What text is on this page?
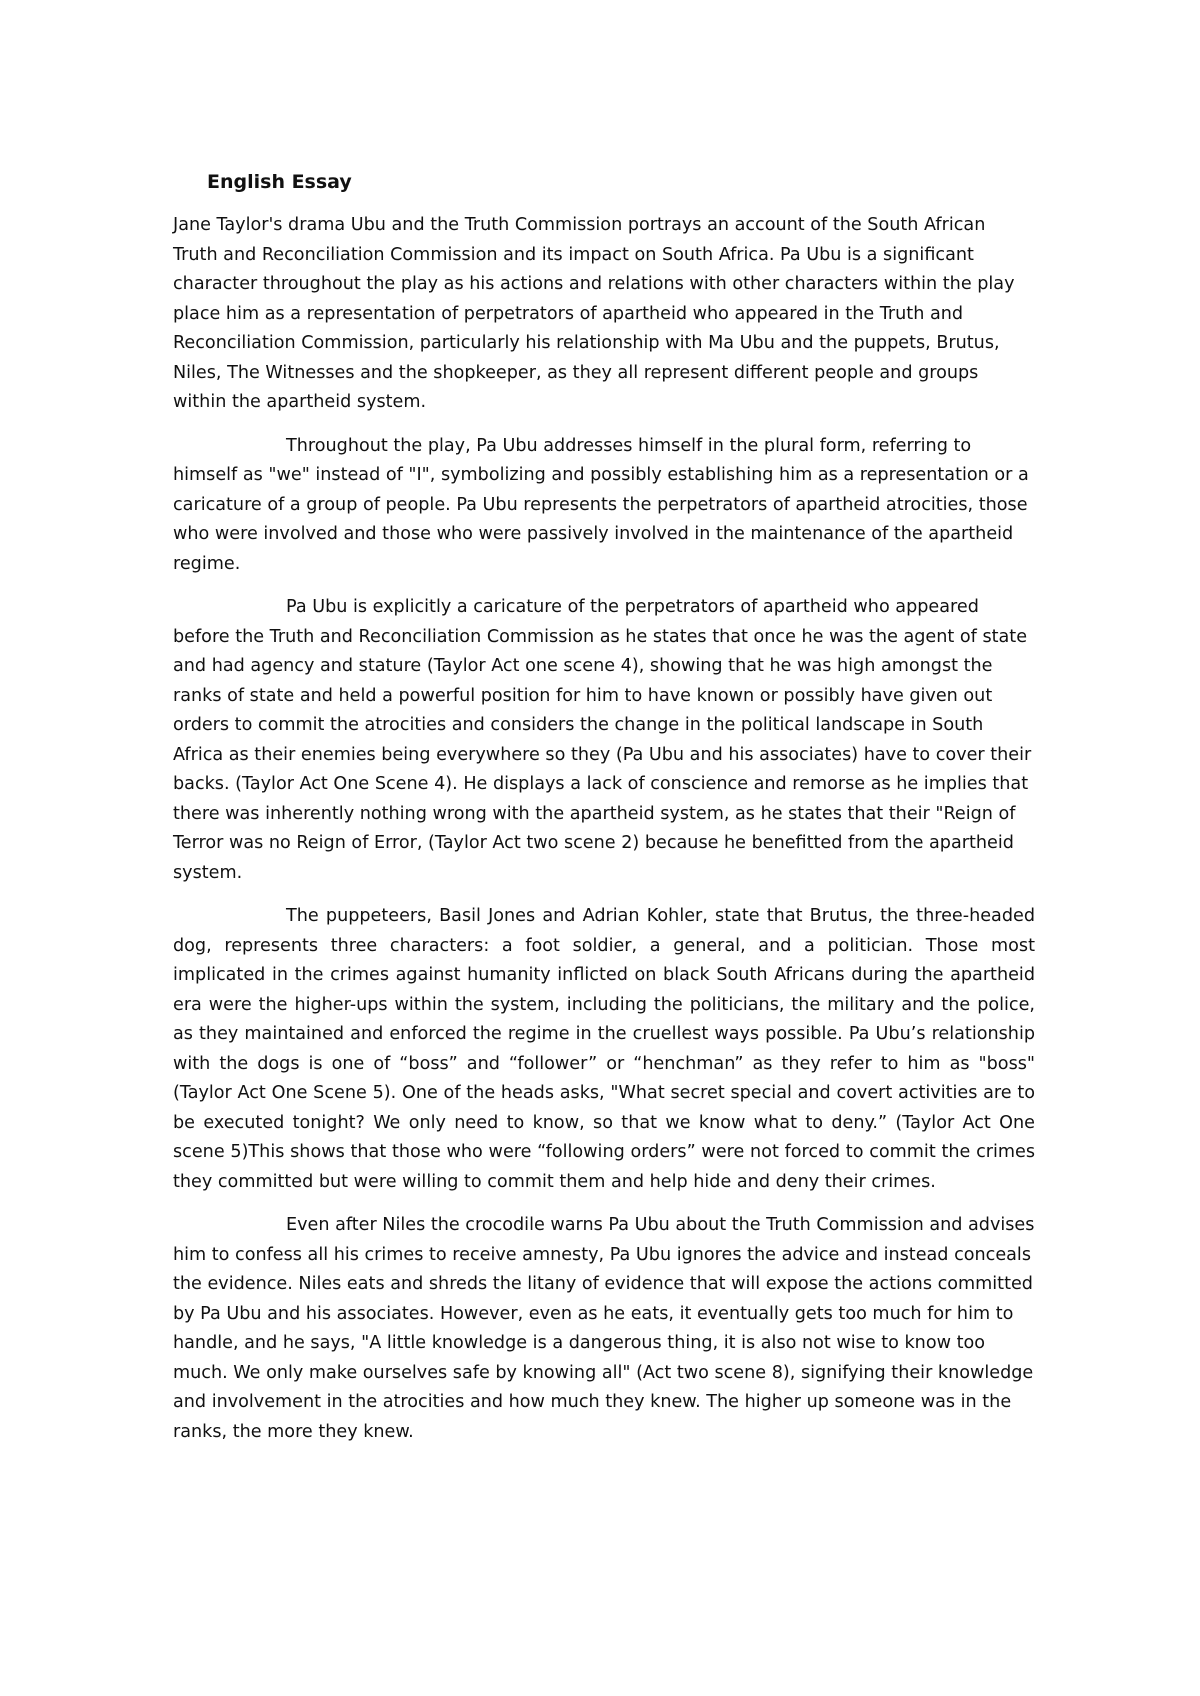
English Essay

Jane Taylor's drama Ubu and the Truth Commission portrays an account of the South African Truth and Reconciliation Commission and its impact on South Africa. Pa Ubu is a significant character throughout the play as his actions and relations with other characters within the play place him as a representation of perpetrators of apartheid who appeared in the Truth and Reconciliation Commission, particularly his relationship with Ma Ubu and the puppets, Brutus, Niles, The Witnesses and the shopkeeper, as they all represent different people and groups within the apartheid system.

Throughout the play, Pa Ubu addresses himself in the plural form, referring to himself as "we" instead of "I", symbolizing and possibly establishing him as a representation or a caricature of a group of people. Pa Ubu represents the perpetrators of apartheid atrocities, those who were involved and those who were passively involved in the maintenance of the apartheid regime.

Pa Ubu is explicitly a caricature of the perpetrators of apartheid who appeared before the Truth and Reconciliation Commission as he states that once he was the agent of state and had agency and stature (Taylor Act one scene 4), showing that he was high amongst the ranks of state and held a powerful position for him to have known or possibly have given out orders to commit the atrocities and considers the change in the political landscape in South Africa as their enemies being everywhere so they (Pa Ubu and his associates) have to cover their backs. (Taylor Act One Scene 4). He displays a lack of conscience and remorse as he implies that there was inherently nothing wrong with the apartheid system, as he states that their "Reign of Terror was no Reign of Error, (Taylor Act two scene 2) because he benefitted from the apartheid system.

The puppeteers, Basil Jones and Adrian Kohler, state that Brutus, the three-headed dog, represents three characters: a foot soldier, a general, and a politician. Those most implicated in the crimes against humanity inflicted on black South Africans during the apartheid era were the higher-ups within the system, including the politicians, the military and the police, as they maintained and enforced the regime in the cruellest ways possible. Pa Ubu’s relationship with the dogs is one of “boss” and “follower” or “henchman” as they refer to him as "boss" (Taylor Act One Scene 5). One of the heads asks, "What secret special and covert activities are to be executed tonight? We only need to know, so that we know what to deny.” (Taylor Act One scene 5)This shows that those who were “following orders” were not forced to commit the crimes they committed but were willing to commit them and help hide and deny their crimes.

Even after Niles the crocodile warns Pa Ubu about the Truth Commission and advises him to confess all his crimes to receive amnesty, Pa Ubu ignores the advice and instead conceals the evidence. Niles eats and shreds the litany of evidence that will expose the actions committed by Pa Ubu and his associates. However, even as he eats, it eventually gets too much for him to handle, and he says, "A little knowledge is a dangerous thing, it is also not wise to know too much. We only make ourselves safe by knowing all" (Act two scene 8), signifying their knowledge and involvement in the atrocities and how much they knew. The higher up someone was in the ranks, the more they knew.
